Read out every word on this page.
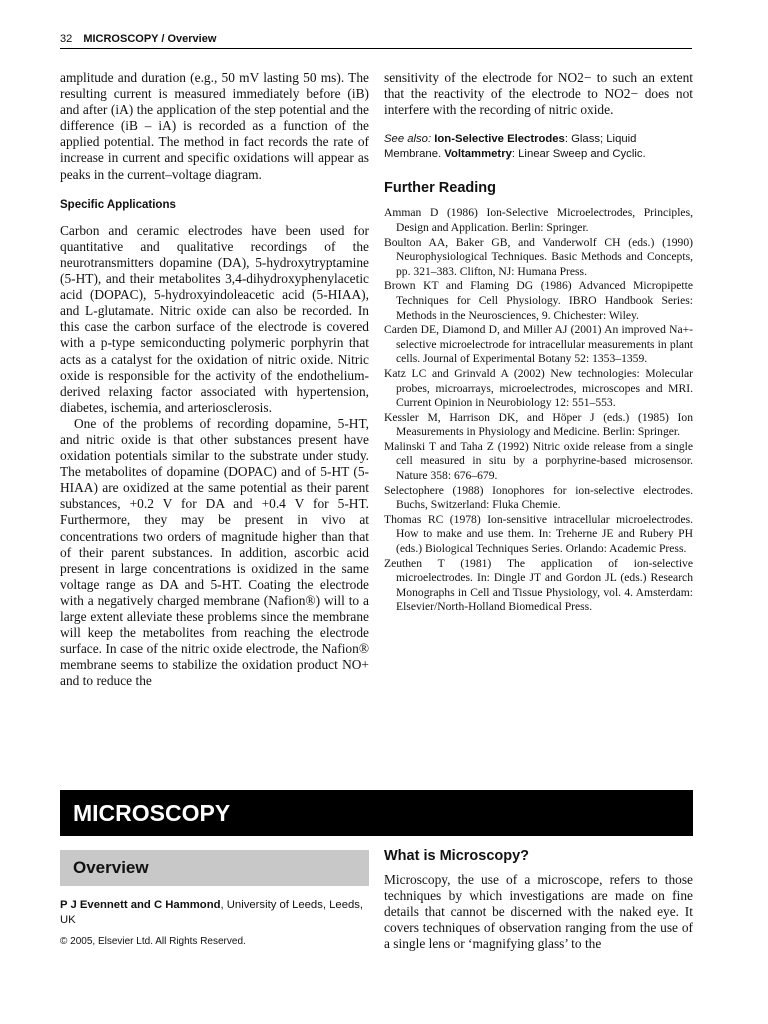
32 MICROSCOPY / Overview

amplitude and duration (e.g., 50 mV lasting 50 ms). The resulting current is measured immediately before (iB) and after (iA) the application of the step potential and the difference (iB – iA) is recorded as a function of the applied potential. The method in fact records the rate of increase in current and specific oxidations will appear as peaks in the current–voltage diagram.

Specific Applications

Carbon and ceramic electrodes have been used for quantitative and qualitative recordings of the neurotransmitters dopamine (DA), 5-hydroxytryptamine (5-HT), and their metabolites 3,4-dihydroxyphenylacetic acid (DOPAC), 5-hydroxyindoleacetic acid (5-HIAA), and L-glutamate. Nitric oxide can also be recorded. In this case the carbon surface of the electrode is covered with a p-type semiconducting polymeric porphyrin that acts as a catalyst for the oxidation of nitric oxide. Nitric oxide is responsible for the activity of the endothelium-derived relaxing factor associated with hypertension, diabetes, ischemia, and arteriosclerosis.

One of the problems of recording dopamine, 5-HT, and nitric oxide is that other substances present have oxidation potentials similar to the substrate under study. The metabolites of dopamine (DOPAC) and of 5-HT (5-HIAA) are oxidized at the same potential as their parent substances, +0.2 V for DA and +0.4 V for 5-HT. Furthermore, they may be present in vivo at concentrations two orders of magnitude higher than that of their parent substances. In addition, ascorbic acid present in large concentrations is oxidized in the same voltage range as DA and 5-HT. Coating the electrode with a negatively charged membrane (Nafion®) will to a large extent alleviate these problems since the membrane will keep the metabolites from reaching the electrode surface. In case of the nitric oxide electrode, the Nafion® membrane seems to stabilize the oxidation product NO+ and to reduce the

sensitivity of the electrode for NO2− to such an extent that the reactivity of the electrode to NO2− does not interfere with the recording of nitric oxide.

See also: Ion-Selective Electrodes: Glass; Liquid Membrane. Voltammetry: Linear Sweep and Cyclic.
Further Reading
Amman D (1986) Ion-Selective Microelectrodes, Principles, Design and Application. Berlin: Springer.
Boulton AA, Baker GB, and Vanderwolf CH (eds.) (1990) Neurophysiological Techniques. Basic Methods and Concepts, pp. 321–383. Clifton, NJ: Humana Press.
Brown KT and Flaming DG (1986) Advanced Micropipette Techniques for Cell Physiology. IBRO Handbook Series: Methods in the Neurosciences, 9. Chichester: Wiley.
Carden DE, Diamond D, and Miller AJ (2001) An improved Na+-selective microelectrode for intracellular measurements in plant cells. Journal of Experimental Botany 52: 1353–1359.
Katz LC and Grinvald A (2002) New technologies: Molecular probes, microarrays, microelectrodes, microscopes and MRI. Current Opinion in Neurobiology 12: 551–553.
Kessler M, Harrison DK, and Höper J (eds.) (1985) Ion Measurements in Physiology and Medicine. Berlin: Springer.
Malinski T and Taha Z (1992) Nitric oxide release from a single cell measured in situ by a porphyrine-based microsensor. Nature 358: 676–679.
Selectophere (1988) Ionophores for ion-selective electrodes. Buchs, Switzerland: Fluka Chemie.
Thomas RC (1978) Ion-sensitive intracellular microelectrodes. How to make and use them. In: Treherne JE and Rubery PH (eds.) Biological Techniques Series. Orlando: Academic Press.
Zeuthen T (1981) The application of ion-selective microelectrodes. In: Dingle JT and Gordon JL (eds.) Research Monographs in Cell and Tissue Physiology, vol. 4. Amsterdam: Elsevier/North-Holland Biomedical Press.
MICROSCOPY
Overview
P J Evennett and C Hammond, University of Leeds, Leeds, UK
© 2005, Elsevier Ltd. All Rights Reserved.
What is Microscopy?

Microscopy, the use of a microscope, refers to those techniques by which investigations are made on fine details that cannot be discerned with the naked eye. It covers techniques of observation ranging from the use of a single lens or ‘magnifying glass’ to the
